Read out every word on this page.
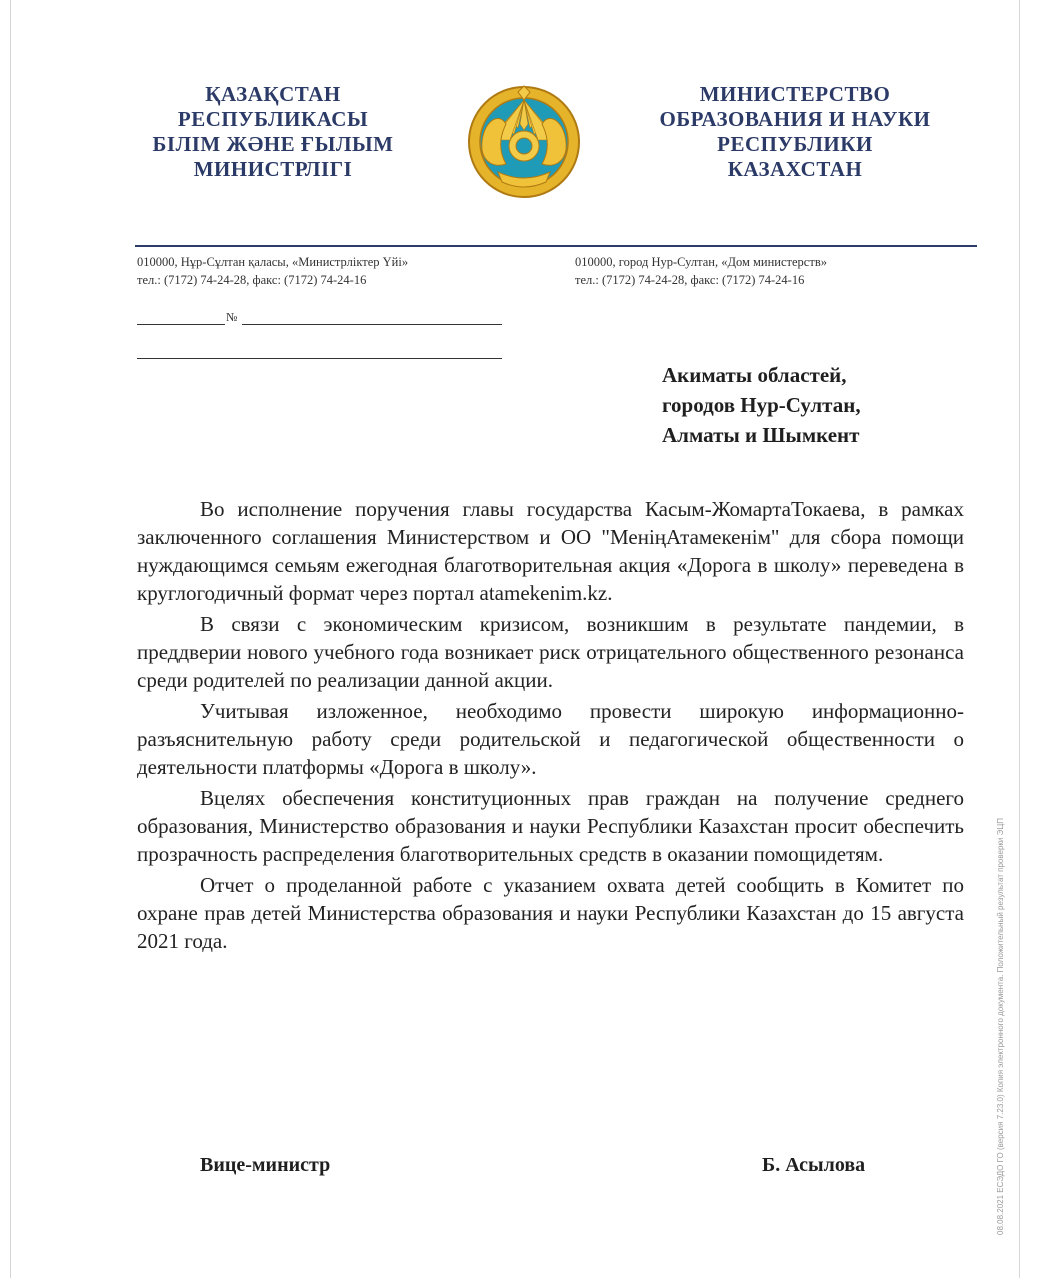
ҚАЗАҚСТАН
РЕСПУБЛИКАСЫ
БІЛІМ ЖӘНЕ ҒЫЛЫМ
МИНИСТРЛІГІ
МИНИСТЕРСТВО
ОБРАЗОВАНИЯ И НАУКИ
РЕСПУБЛИКИ
КАЗАХСТАН
010000, Нұр-Сұлтан қаласы, «Министрліктер Үйі»	010000, город Нур-Султан, «Дом министерств»
тел.: (7172) 74-24-28, факс: (7172) 74-24-16	тел.: (7172) 74-24-28, факс: (7172) 74-24-16
№
Акиматы областей,
городов Нур-Султан,
Алматы и Шымкент

Во исполнение поручения главы государства Касым-ЖомартаТокаева, в рамках заключенного соглашения Министерством и ОО "МенiңАтамекенiм" для сбора помощи нуждающимся семьям ежегодная благотворительная акция «Дорога в школу» переведена в круглогодичный формат через портал atamekenim.kz.

В связи с экономическим кризисом, возникшим в результате пандемии, в преддверии нового учебного года возникает риск отрицательного общественного резонанса среди родителей по реализации данной акции.

Учитывая изложенное, необходимо провести широкую информационно-разъяснительную работу среди родительской и педагогической общественности о деятельности платформы «Дорога в школу».

Вцелях обеспечения конституционных прав граждан на получение среднего образования, Министерство образования и науки Республики Казахстан просит обеспечить прозрачность распределения благотворительных средств в оказании помощидетям.

Отчет о проделанной работе с указанием охвата детей сообщить в Комитет по охране прав детей Министерства образования и науки Республики Казахстан до 15 августа 2021 года.

Вице-министр	Б. Асылова	08.08.2021 ЕСЭДО ГО (версия 7.23.0) Копия электронного документа. Положительный результат проверки ЭЦП
